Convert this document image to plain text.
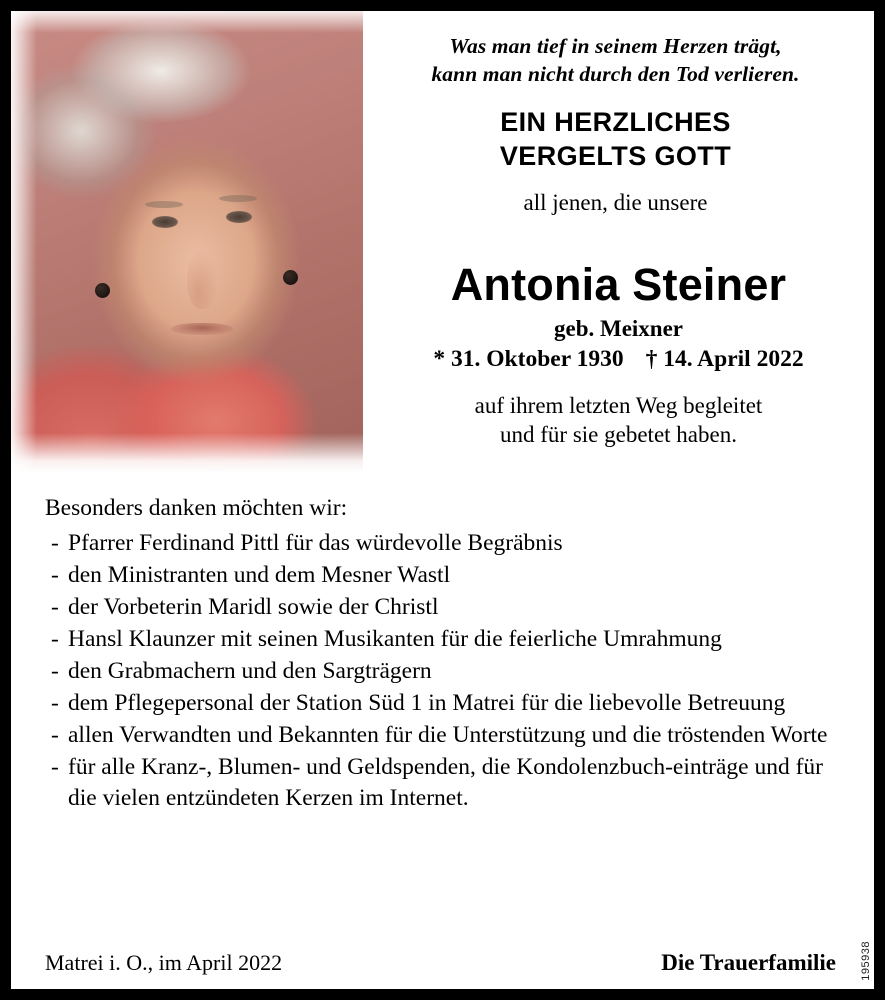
Was man tief in seinem Herzen trägt,
kann man nicht durch den Tod verlieren.
EIN HERZLICHES
VERGELTS GOTT
all jenen, die unsere
Antonia Steiner
geb. Meixner
* 31. Oktober 1930 † 14. April 2022
auf ihrem letzten Weg begleitet
und für sie gebetet haben.

Besonders danken möchten wir:

- Pfarrer Ferdinand Pittl für das würdevolle Begräbnis
- den Ministranten und dem Mesner Wastl
- der Vorbeterin Maridl sowie der Christl
- Hansl Klaunzer mit seinen Musikanten für die feierliche Umrahmung
- den Grabmachern und den Sargträgern
- dem Pflegepersonal der Station Süd 1 in Matrei für die liebevolle Betreuung
- allen Verwandten und Bekannten für die Unterstützung und die tröstenden Worte
- für alle Kranz-, Blumen- und Geldspenden, die Kondolenzbuch-einträge und für die vielen entzündeten Kerzen im Internet.
Matrei i. O., im April 2022	Die Trauerfamilie	195938
